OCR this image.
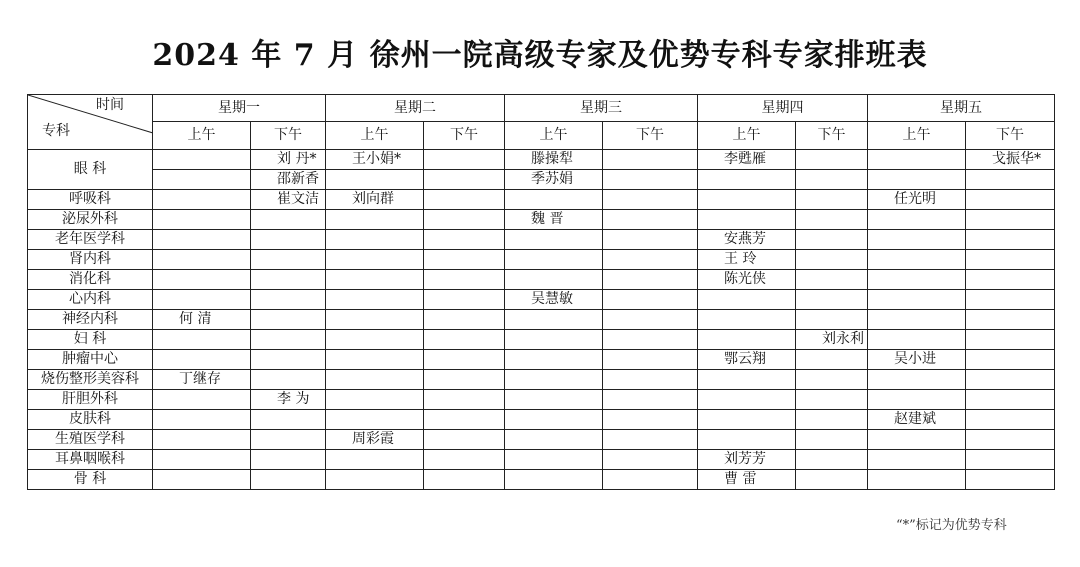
2024 年 7 月 徐州一院高级专家及优势专科专家排班表
时间
专科	星期一		星期二		星期三		星期四		星期五	
	上午	下午	上午	下午	上午	下午	上午	下午	上午	下午
眼 科		刘 丹*	王小娟*		滕操犁		李甦雁			戈振华*
		邵新香			季苏娟					
呼吸科		崔文洁	刘向群						任光明	
泌尿外科					魏 晋					
老年医学科							安燕芳			
肾内科							王 玲			
消化科							陈光侠			
心内科					吴慧敏					
神经内科	何 清									
妇 科								刘永利		
肿瘤中心							鄂云翔		吴小进	
烧伤整形美容科	丁继存									
肝胆外科		李 为								
皮肤科									赵建斌	
生殖医学科			周彩霞							
耳鼻咽喉科							刘芳芳			
骨 科							曹 雷			
“*”标记为优势专科
